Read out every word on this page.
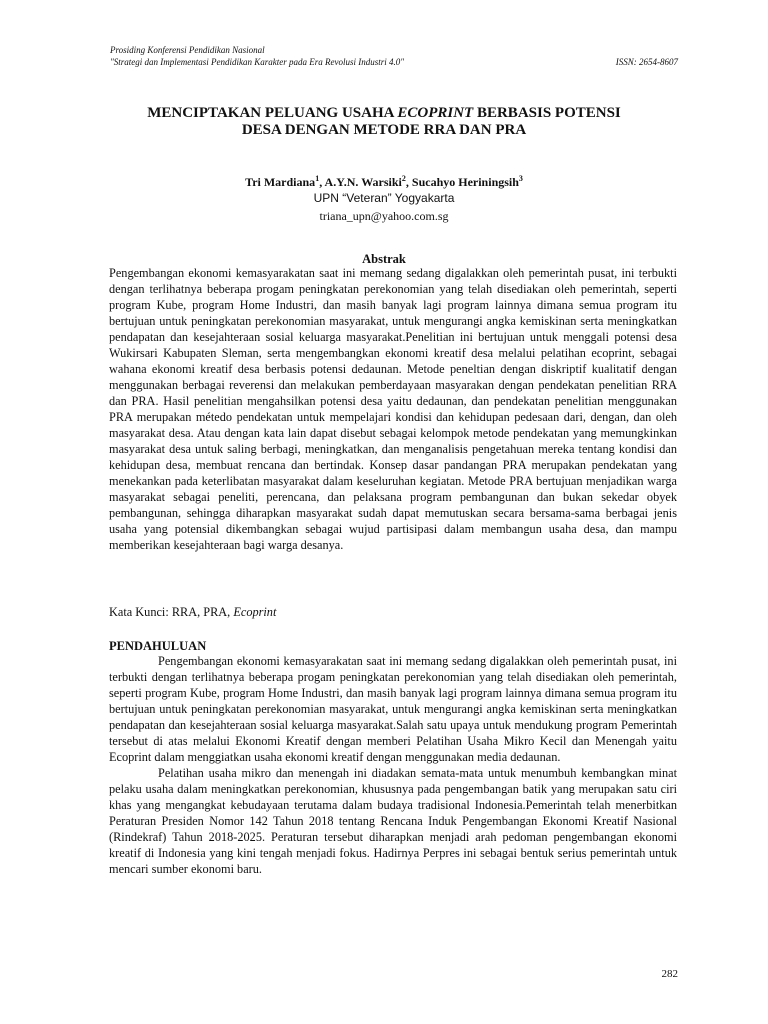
Prosiding Konferensi Pendidikan Nasional
"Strategi dan Implementasi Pendidikan Karakter pada Era Revolusi Industri 4.0"	ISSN: 2654-8607
MENCIPTAKAN PELUANG USAHA ECOPRINT BERBASIS POTENSI
DESA DENGAN METODE RRA DAN PRA
Tri Mardiana$^1$, A.Y.N. Warsiki$^2$, Sucahyo Heriningsih$^3$
UPN “Veteran” Yogyakarta
triana_upn@yahoo.com.sg
Abstrak
Pengembangan ekonomi kemasyarakatan saat ini memang sedang digalakkan oleh pemerintah pusat, ini terbukti dengan terlihatnya beberapa progam peningkatan perekonomian yang telah disediakan oleh pemerintah, seperti program Kube, program Home Industri, dan masih banyak lagi program lainnya dimana semua program itu bertujuan untuk peningkatan perekonomian masyarakat, untuk mengurangi angka kemiskinan serta meningkatkan pendapatan dan kesejahteraan sosial keluarga masyarakat.Penelitian ini bertujuan untuk menggali potensi desa Wukirsari Kabupaten Sleman, serta mengembangkan ekonomi kreatif desa melalui pelatihan ecoprint, sebagai wahana ekonomi kreatif desa berbasis potensi dedaunan. Metode peneltian dengan diskriptif kualitatif dengan menggunakan berbagai reverensi dan melakukan pemberdayaan masyarakan dengan pendekatan penelitian RRA dan PRA. Hasil penelitian mengahsilkan potensi desa yaitu dedaunan, dan pendekatan penelitian menggunakan PRA merupakan métedo pendekatan untuk mempelajari kondisi dan kehidupan pedesaan dari, dengan, dan oleh masyarakat desa. Atau dengan kata lain dapat disebut sebagai kelompok metode pendekatan yang memungkinkan masyarakat desa untuk saling berbagi, meningkatkan, dan menganalisis pengetahuan mereka tentang kondisi dan kehidupan desa, membuat rencana dan bertindak. Konsep dasar pandangan PRA merupakan pendekatan yang menekankan pada keterlibatan masyarakat dalam keseluruhan kegiatan. Metode PRA bertujuan menjadikan warga masyarakat sebagai peneliti, perencana, dan pelaksana program pembangunan dan bukan sekedar obyek pembangunan, sehingga diharapkan masyarakat sudah dapat memutuskan secara bersama-sama berbagai jenis usaha yang potensial dikembangkan sebagai wujud partisipasi dalam membangun usaha desa, dan mampu memberikan kesejahteraan bagi warga desanya.
Kata Kunci: RRA, PRA, Ecoprint
PENDAHULUAN

Pengembangan ekonomi kemasyarakatan saat ini memang sedang digalakkan oleh pemerintah pusat, ini terbukti dengan terlihatnya beberapa progam peningkatan perekonomian yang telah disediakan oleh pemerintah, seperti program Kube, program Home Industri, dan masih banyak lagi program lainnya dimana semua program itu bertujuan untuk peningkatan perekonomian masyarakat, untuk mengurangi angka kemiskinan serta meningkatkan pendapatan dan kesejahteraan sosial keluarga masyarakat.Salah satu upaya untuk mendukung program Pemerintah tersebut di atas melalui Ekonomi Kreatif dengan memberi Pelatihan Usaha Mikro Kecil dan Menengah yaitu Ecoprint dalam menggiatkan usaha ekonomi kreatif dengan menggunakan media dedaunan.

Pelatihan usaha mikro dan menengah ini diadakan semata-mata untuk menumbuh kembangkan minat pelaku usaha dalam meningkatkan perekonomian, khususnya pada pengembangan batik yang merupakan satu ciri khas yang mengangkat kebudayaan terutama dalam budaya tradisional Indonesia.Pemerintah telah menerbitkan Peraturan Presiden Nomor 142 Tahun 2018 tentang Rencana Induk Pengembangan Ekonomi Kreatif Nasional (Rindekraf) Tahun 2018-2025. Peraturan tersebut diharapkan menjadi arah pedoman pengembangan ekonomi kreatif di Indonesia yang kini tengah menjadi fokus. Hadirnya Perpres ini sebagai bentuk serius pemerintah untuk mencari sumber ekonomi baru.

282
